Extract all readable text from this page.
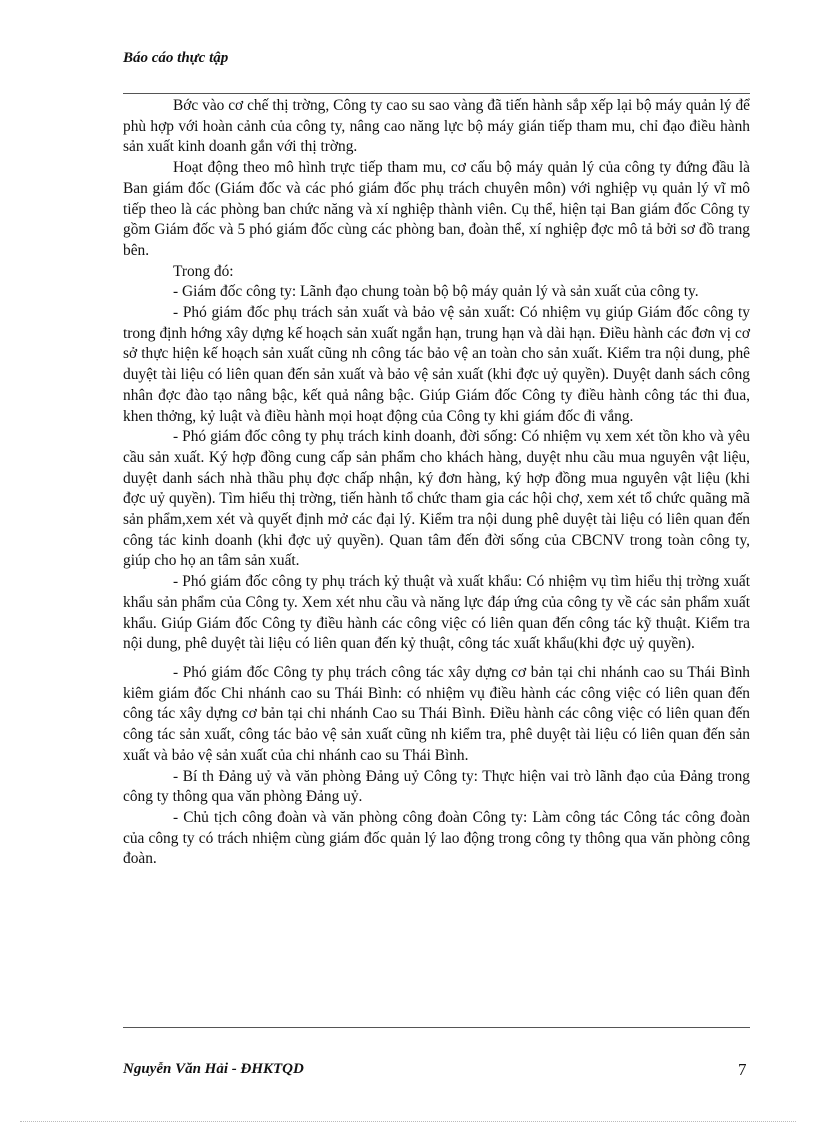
Báo cáo thực tập

Bớc vào cơ chế thị trờng, Công ty cao su sao vàng đã tiến hành sắp xếp lại bộ máy quản lý để phù hợp với hoàn cảnh của công ty, nâng cao năng lực bộ máy gián tiếp tham mu, chỉ đạo điều hành sản xuất kinh doanh gắn với thị trờng.

Hoạt động theo mô hình trực tiếp tham mu, cơ cấu bộ máy quản lý của công ty đứng đầu là Ban giám đốc (Giám đốc và các phó giám đốc phụ trách chuyên môn) với nghiệp vụ quản lý vĩ mô tiếp theo là các phòng ban chức năng và xí nghiệp thành viên. Cụ thể, hiện tại Ban giám đốc Công ty gồm Giám đốc và 5 phó giám đốc cùng các phòng ban, đoàn thể, xí nghiệp đợc mô tả bởi sơ đồ trang bên.

Trong đó:

- Giám đốc công ty: Lãnh đạo chung toàn bộ bộ máy quản lý và sản xuất của công ty.

- Phó giám đốc phụ trách sản xuất và bảo vệ sản xuất: Có nhiệm vụ giúp Giám đốc công ty trong định hớng xây dựng kế hoạch sản xuất ngắn hạn, trung hạn và dài hạn. Điều hành các đơn vị cơ sở thực hiện kế hoạch sản xuất cũng nh công tác bảo vệ an toàn cho sản xuất. Kiểm tra nội dung, phê duyệt tài liệu có liên quan đến sản xuất và bảo vệ sản xuất (khi đợc uỷ quyền). Duyệt danh sách công nhân đợc đào tạo nâng bậc, kết quả nâng bậc. Giúp Giám đốc Công ty điều hành công tác thi đua, khen thởng, kỷ luật và điều hành mọi hoạt động của Công ty khi giám đốc đi vắng.

- Phó giám đốc công ty phụ trách kinh doanh, đời sống: Có nhiệm vụ xem xét tồn kho và yêu cầu sản xuất. Ký hợp đồng cung cấp sản phẩm cho khách hàng, duyệt nhu cầu mua nguyên vật liệu, duyệt danh sách nhà thầu phụ đợc chấp nhận, ký đơn hàng, ký hợp đồng mua nguyên vật liệu (khi đợc uỷ quyền). Tìm hiểu thị trờng, tiến hành tổ chức tham gia các hội chợ, xem xét tổ chức quãng mã sản phẩm,xem xét và quyết định mở các đại lý. Kiểm tra nội dung phê duyệt tài liệu có liên quan đến công tác kinh doanh (khi đợc uỷ quyền). Quan tâm đến đời sống của CBCNV trong toàn công ty, giúp cho họ an tâm sản xuất.

- Phó giám đốc công ty phụ trách kỷ thuật và xuất khẩu: Có nhiệm vụ tìm hiểu thị trờng xuất khẩu sản phẩm của Công ty. Xem xét nhu cầu và năng lực đáp ứng của công ty về các sản phẩm xuất khẩu. Giúp Giám đốc Công ty điều hành các công việc có liên quan đến công tác kỹ thuật. Kiểm tra nội dung, phê duyệt tài liệu có liên quan đến kỷ thuật, công tác xuất khẩu(khi đợc uỷ quyền).

- Phó giám đốc Công ty phụ trách công tác xây dựng cơ bản tại chi nhánh cao su Thái Bình kiêm giám đốc Chi nhánh cao su Thái Bình: có nhiệm vụ điều hành các công việc có liên quan đến công tác xây dựng cơ bản tại chi nhánh Cao su Thái Bình. Điều hành các công việc có liên quan đến công tác sản xuất, công tác bảo vệ sản xuất cũng nh kiểm tra, phê duyệt tài liệu có liên quan đến sản xuất và bảo vệ sản xuất của chi nhánh cao su Thái Bình.

- Bí th Đảng uỷ và văn phòng Đảng uỷ Công ty: Thực hiện vai trò lãnh đạo của Đảng trong công ty thông qua văn phòng Đảng uỷ.

- Chủ tịch công đoàn và văn phòng công đoàn Công ty: Làm công tác Công tác công đoàn của công ty có trách nhiệm cùng giám đốc quản lý lao động trong công ty thông qua văn phòng công đoàn.

Nguyễn Văn Hải - ĐHKTQD	7
